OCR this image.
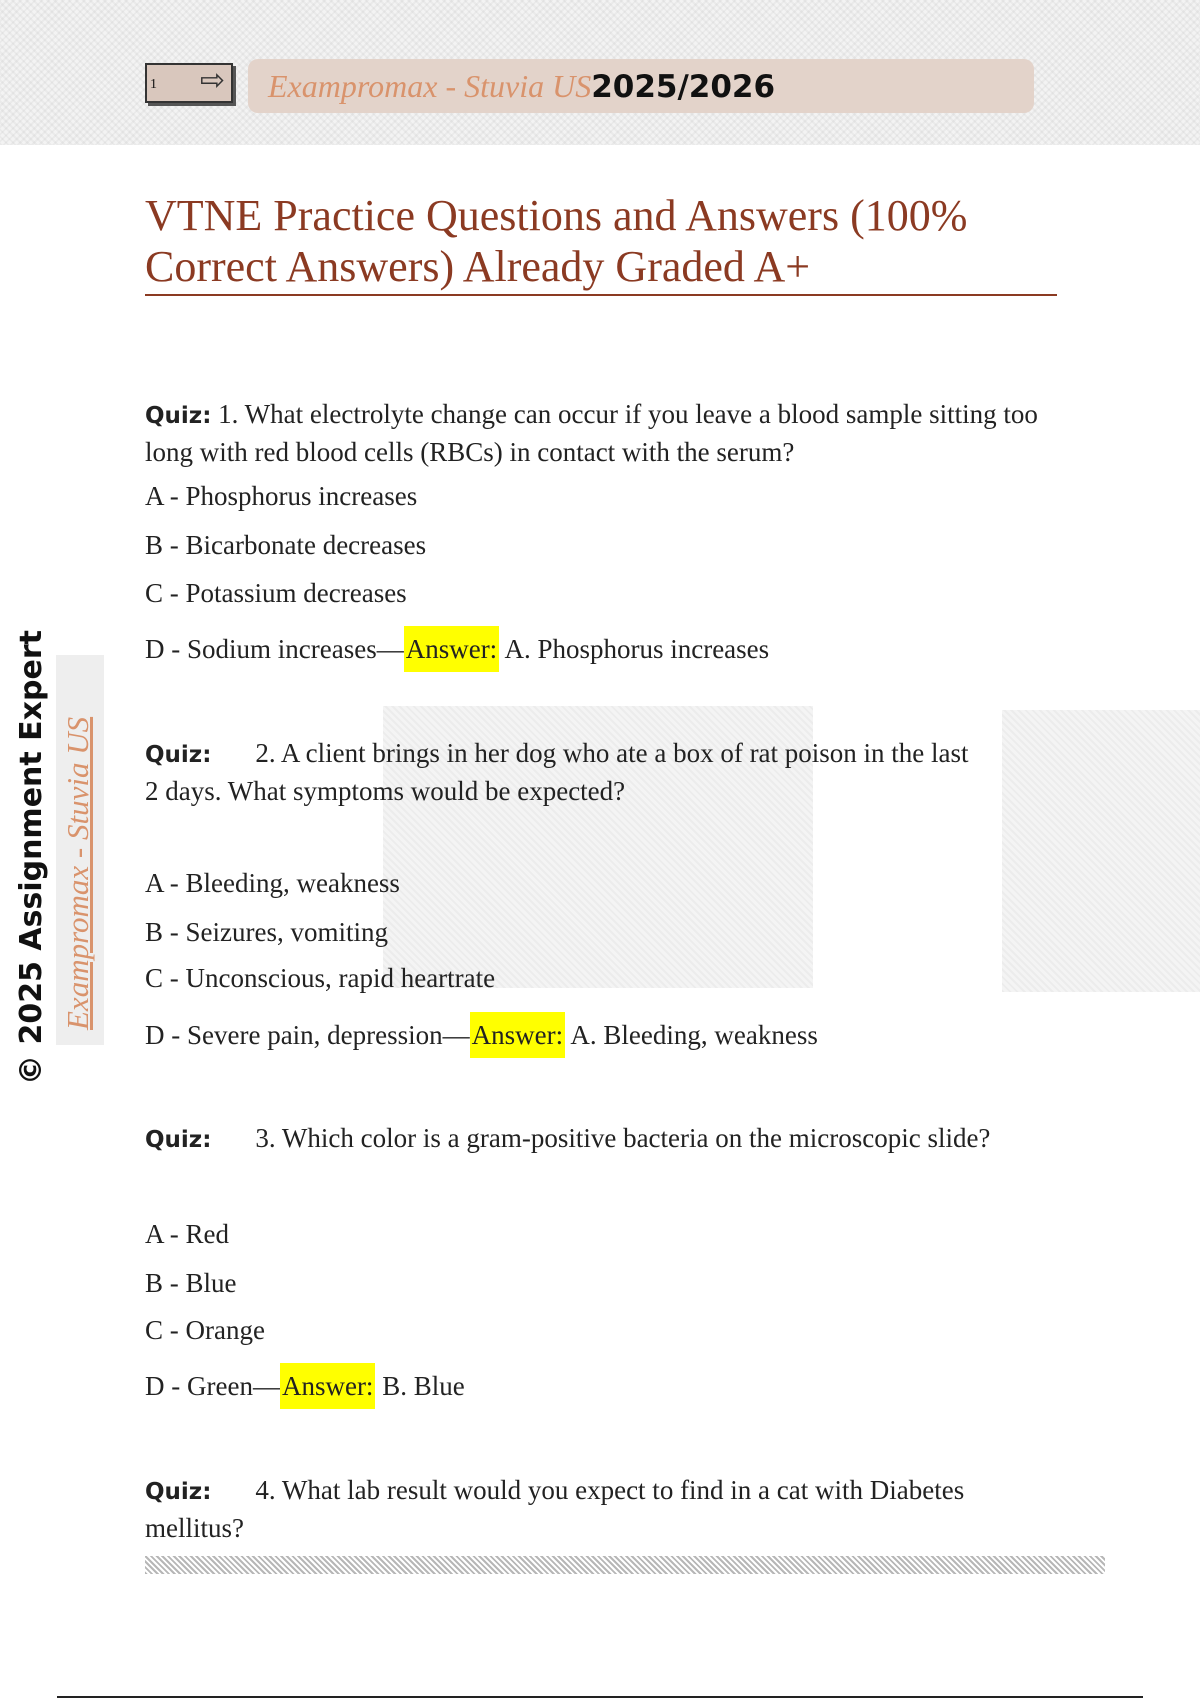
1 ⇨ Exampromax - Stuvia US2025/2026
VTNE Practice Questions and Answers (100% Correct Answers) Already Graded A+
© 2025 Assignment Expert Exampromax - Stuvia US
Quiz: 1. What electrolyte change can occur if you leave a blood sample sitting too long with red blood cells (RBCs) in contact with the serum?
A - Phosphorus increases
B - Bicarbonate decreases
C - Potassium decreases
D - Sodium increases—Answer: A. Phosphorus increases
Quiz: 2. A client brings in her dog who ate a box of rat poison in the last
2 days. What symptoms would be expected?
A - Bleeding, weakness
B - Seizures, vomiting
C - Unconscious, rapid heartrate
D - Severe pain, depression—Answer: A. Bleeding, weakness
Quiz: 3. Which color is a gram-positive bacteria on the microscopic slide?
A - Red
B - Blue
C - Orange
D - Green—Answer: B. Blue
Quiz: 4. What lab result would you expect to find in a cat with Diabetes
mellitus?
